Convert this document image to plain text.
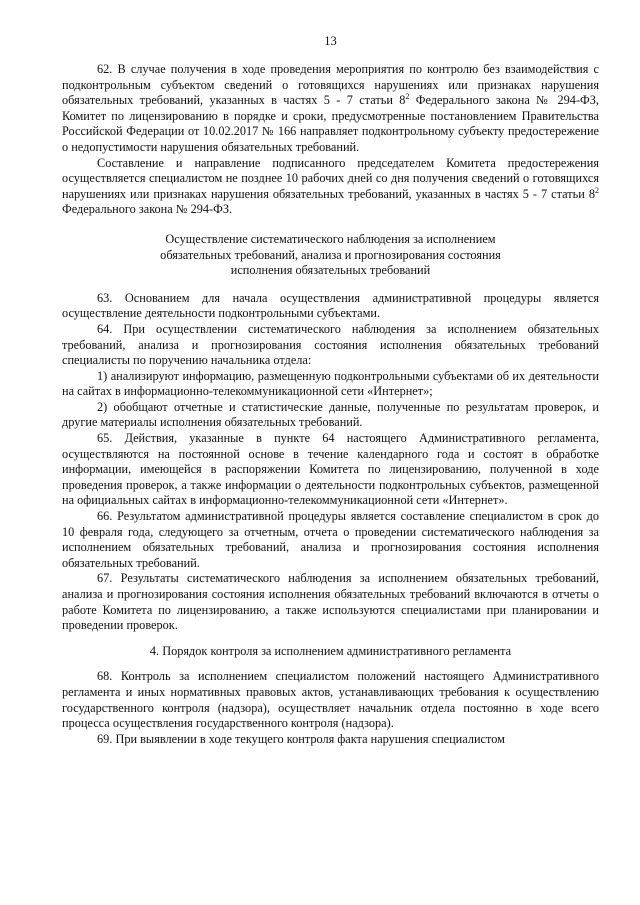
13

62. В случае получения в ходе проведения мероприятия по контролю без взаимодействия с подконтрольным субъектом сведений о готовящихся нарушениях или признаках нарушения обязательных требований, указанных в частях 5 - 7 статьи $8^2$ Федерального закона № 294-ФЗ, Комитет по лицензированию в порядке и сроки, предусмотренные постановлением Правительства Российской Федерации от 10.02.2017 № 166 направляет подконтрольному субъекту предостережение о недопустимости нарушения обязательных требований.

Составление и направление подписанного председателем Комитета предостережения осуществляется специалистом не позднее 10 рабочих дней со дня получения сведений о готовящихся нарушениях или признаках нарушения обязательных требований, указанных в частях 5 - 7 статьи $8^2$ Федерального закона № 294-ФЗ.

Осуществление систематического наблюдения за исполнением
обязательных требований, анализа и прогнозирования состояния
исполнения обязательных требований

63. Основанием для начала осуществления административной процедуры является осуществление деятельности подконтрольными субъектами.

64. При осуществлении систематического наблюдения за исполнением обязательных требований, анализа и прогнозирования состояния исполнения обязательных требований специалисты по поручению начальника отдела:

1) анализируют информацию, размещенную подконтрольными субъектами об их деятельности на сайтах в информационно-телекоммуникационной сети «Интернет»;

2) обобщают отчетные и статистические данные, полученные по результатам проверок, и другие материалы исполнения обязательных требований.

65. Действия, указанные в пункте 64 настоящего Административного регламента, осуществляются на постоянной основе в течение календарного года и состоят в обработке информации, имеющейся в распоряжении Комитета по лицензированию, полученной в ходе проведения проверок, а также информации о деятельности подконтрольных субъектов, размещенной на официальных сайтах в информационно-телекоммуникационной сети «Интернет».

66. Результатом административной процедуры является составление специалистом в срок до 10 февраля года, следующего за отчетным, отчета о проведении систематического наблюдения за исполнением обязательных требований, анализа и прогнозирования состояния исполнения обязательных требований.

67. Результаты систематического наблюдения за исполнением обязательных требований, анализа и прогнозирования состояния исполнения обязательных требований включаются в отчеты о работе Комитета по лицензированию, а также используются специалистами при планировании и проведении проверок.

4. Порядок контроля за исполнением административного регламента

68. Контроль за исполнением специалистом положений настоящего Административного регламента и иных нормативных правовых актов, устанавливающих требования к осуществлению государственного контроля (надзора), осуществляет начальник отдела постоянно в ходе всего процесса осуществления государственного контроля (надзора).

69. При выявлении в ходе текущего контроля факта нарушения специалистом
